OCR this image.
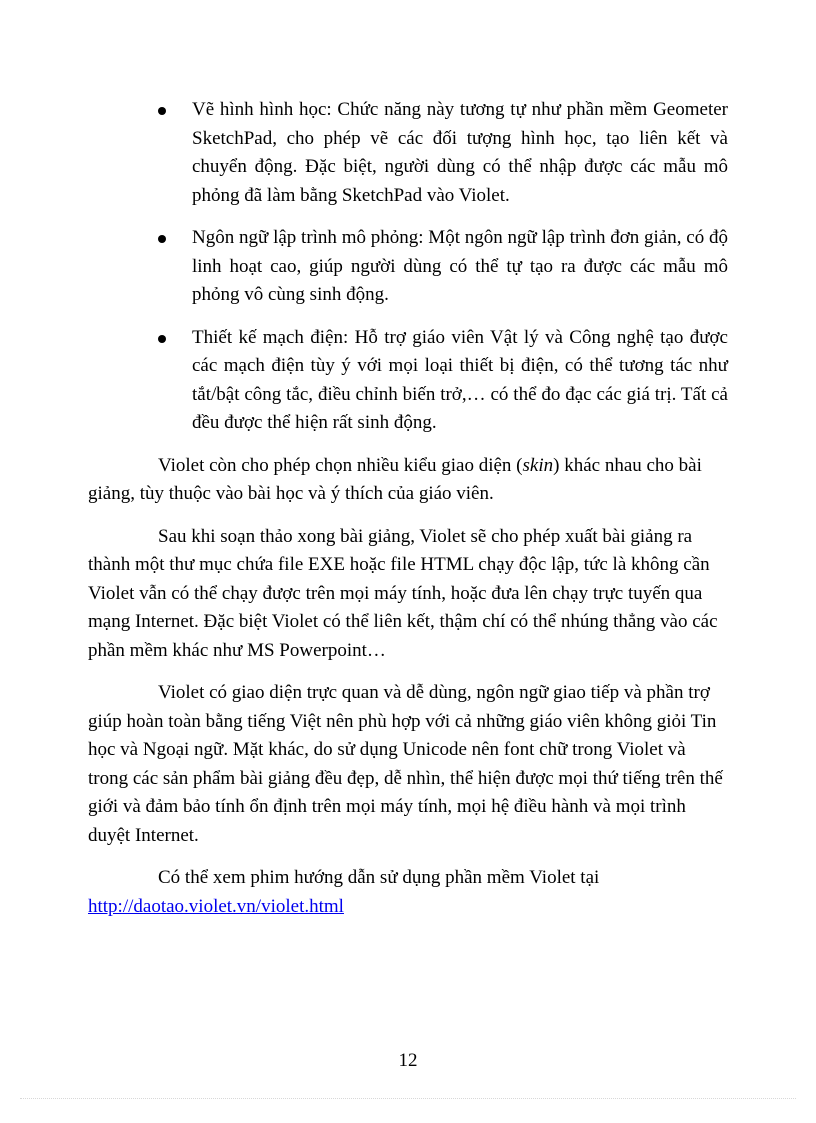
Vẽ hình hình học: Chức năng này tương tự như phần mềm Geometer SketchPad, cho phép vẽ các đối tượng hình học, tạo liên kết và chuyển động. Đặc biệt, người dùng có thể nhập được các mẫu mô phỏng đã làm bằng SketchPad vào Violet.
Ngôn ngữ lập trình mô phỏng: Một ngôn ngữ lập trình đơn giản, có độ linh hoạt cao, giúp người dùng có thể tự tạo ra được các mẫu mô phỏng vô cùng sinh động.
Thiết kế mạch điện: Hỗ trợ giáo viên Vật lý và Công nghệ tạo được các mạch điện tùy ý với mọi loại thiết bị điện, có thể tương tác như tắt/bật công tắc, điều chỉnh biến trở,… có thể đo đạc các giá trị. Tất cả đều được thể hiện rất sinh động.

Violet còn cho phép chọn nhiều kiểu giao diện (skin) khác nhau cho bài giảng, tùy thuộc vào bài học và ý thích của giáo viên.

Sau khi soạn thảo xong bài giảng, Violet sẽ cho phép xuất bài giảng ra thành một thư mục chứa file EXE hoặc file HTML chạy độc lập, tức là không cần Violet vẫn có thể chạy được trên mọi máy tính, hoặc đưa lên chạy trực tuyến qua mạng Internet. Đặc biệt Violet có thể liên kết, thậm chí có thể nhúng thẳng vào các phần mềm khác như MS Powerpoint…

Violet có giao diện trực quan và dễ dùng, ngôn ngữ giao tiếp và phần trợ giúp hoàn toàn bằng tiếng Việt nên phù hợp với cả những giáo viên không giỏi Tin học và Ngoại ngữ. Mặt khác, do sử dụng Unicode nên font chữ trong Violet và trong các sản phẩm bài giảng đều đẹp, dễ nhìn, thể hiện được mọi thứ tiếng trên thế giới và đảm bảo tính ổn định trên mọi máy tính, mọi hệ điều hành và mọi trình duyệt Internet.

Có thể xem phim hướng dẫn sử dụng phần mềm Violet tại

http://daotao.violet.vn/violet.html

12
